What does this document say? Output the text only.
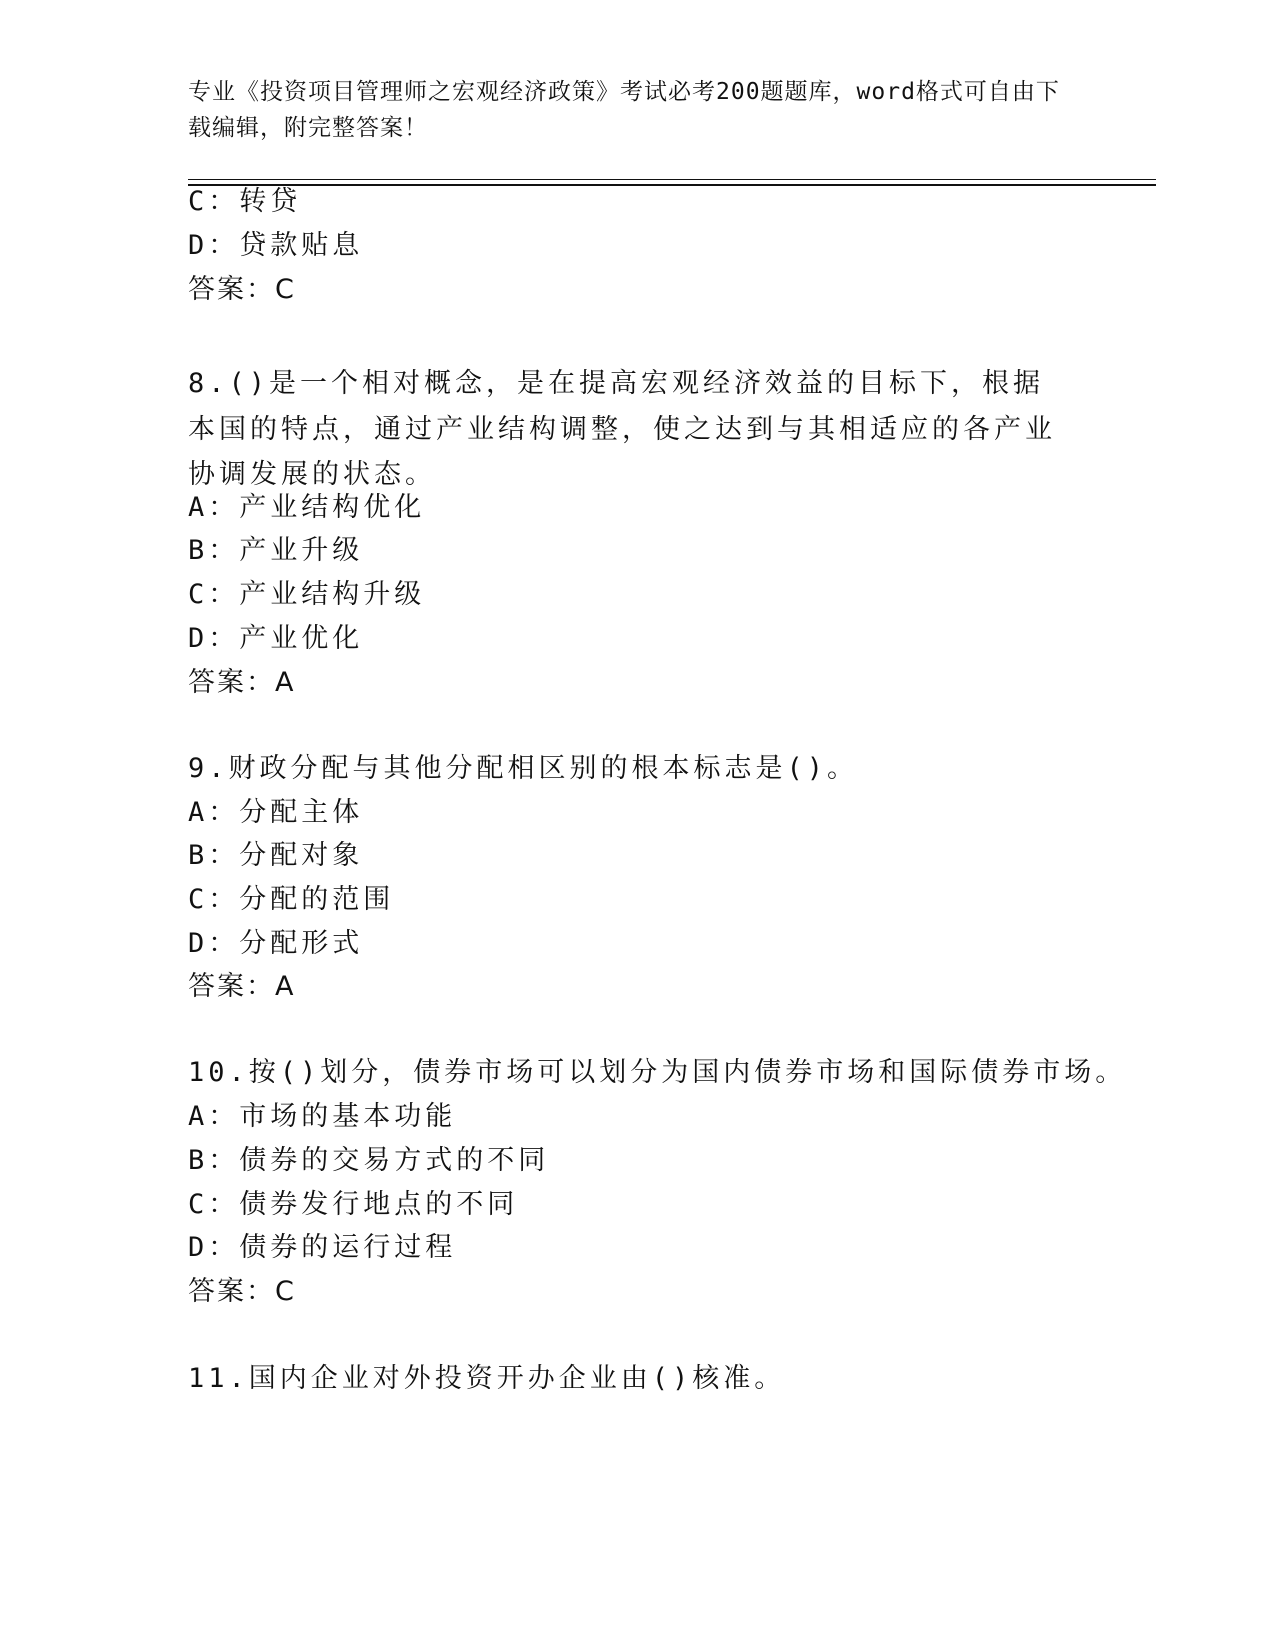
专业《投资项目管理师之宏观经济政策》考试必考200题题库，word格式可自由下载编辑，附完整答案！
C：转贷
D：贷款贴息
答案：C
8.()是一个相对概念，是在提高宏观经济效益的目标下，根据本国的特点，通过产业结构调整，使之达到与其相适应的各产业协调发展的状态。
A：产业结构优化
B：产业升级
C：产业结构升级
D：产业优化
答案：A
9.财政分配与其他分配相区别的根本标志是()。
A：分配主体
B：分配对象
C：分配的范围
D：分配形式
答案：A
10.按()划分，债券市场可以划分为国内债券市场和国际债券市场。
A：市场的基本功能
B：债券的交易方式的不同
C：债券发行地点的不同
D：债券的运行过程
答案：C
11.国内企业对外投资开办企业由()核准。
